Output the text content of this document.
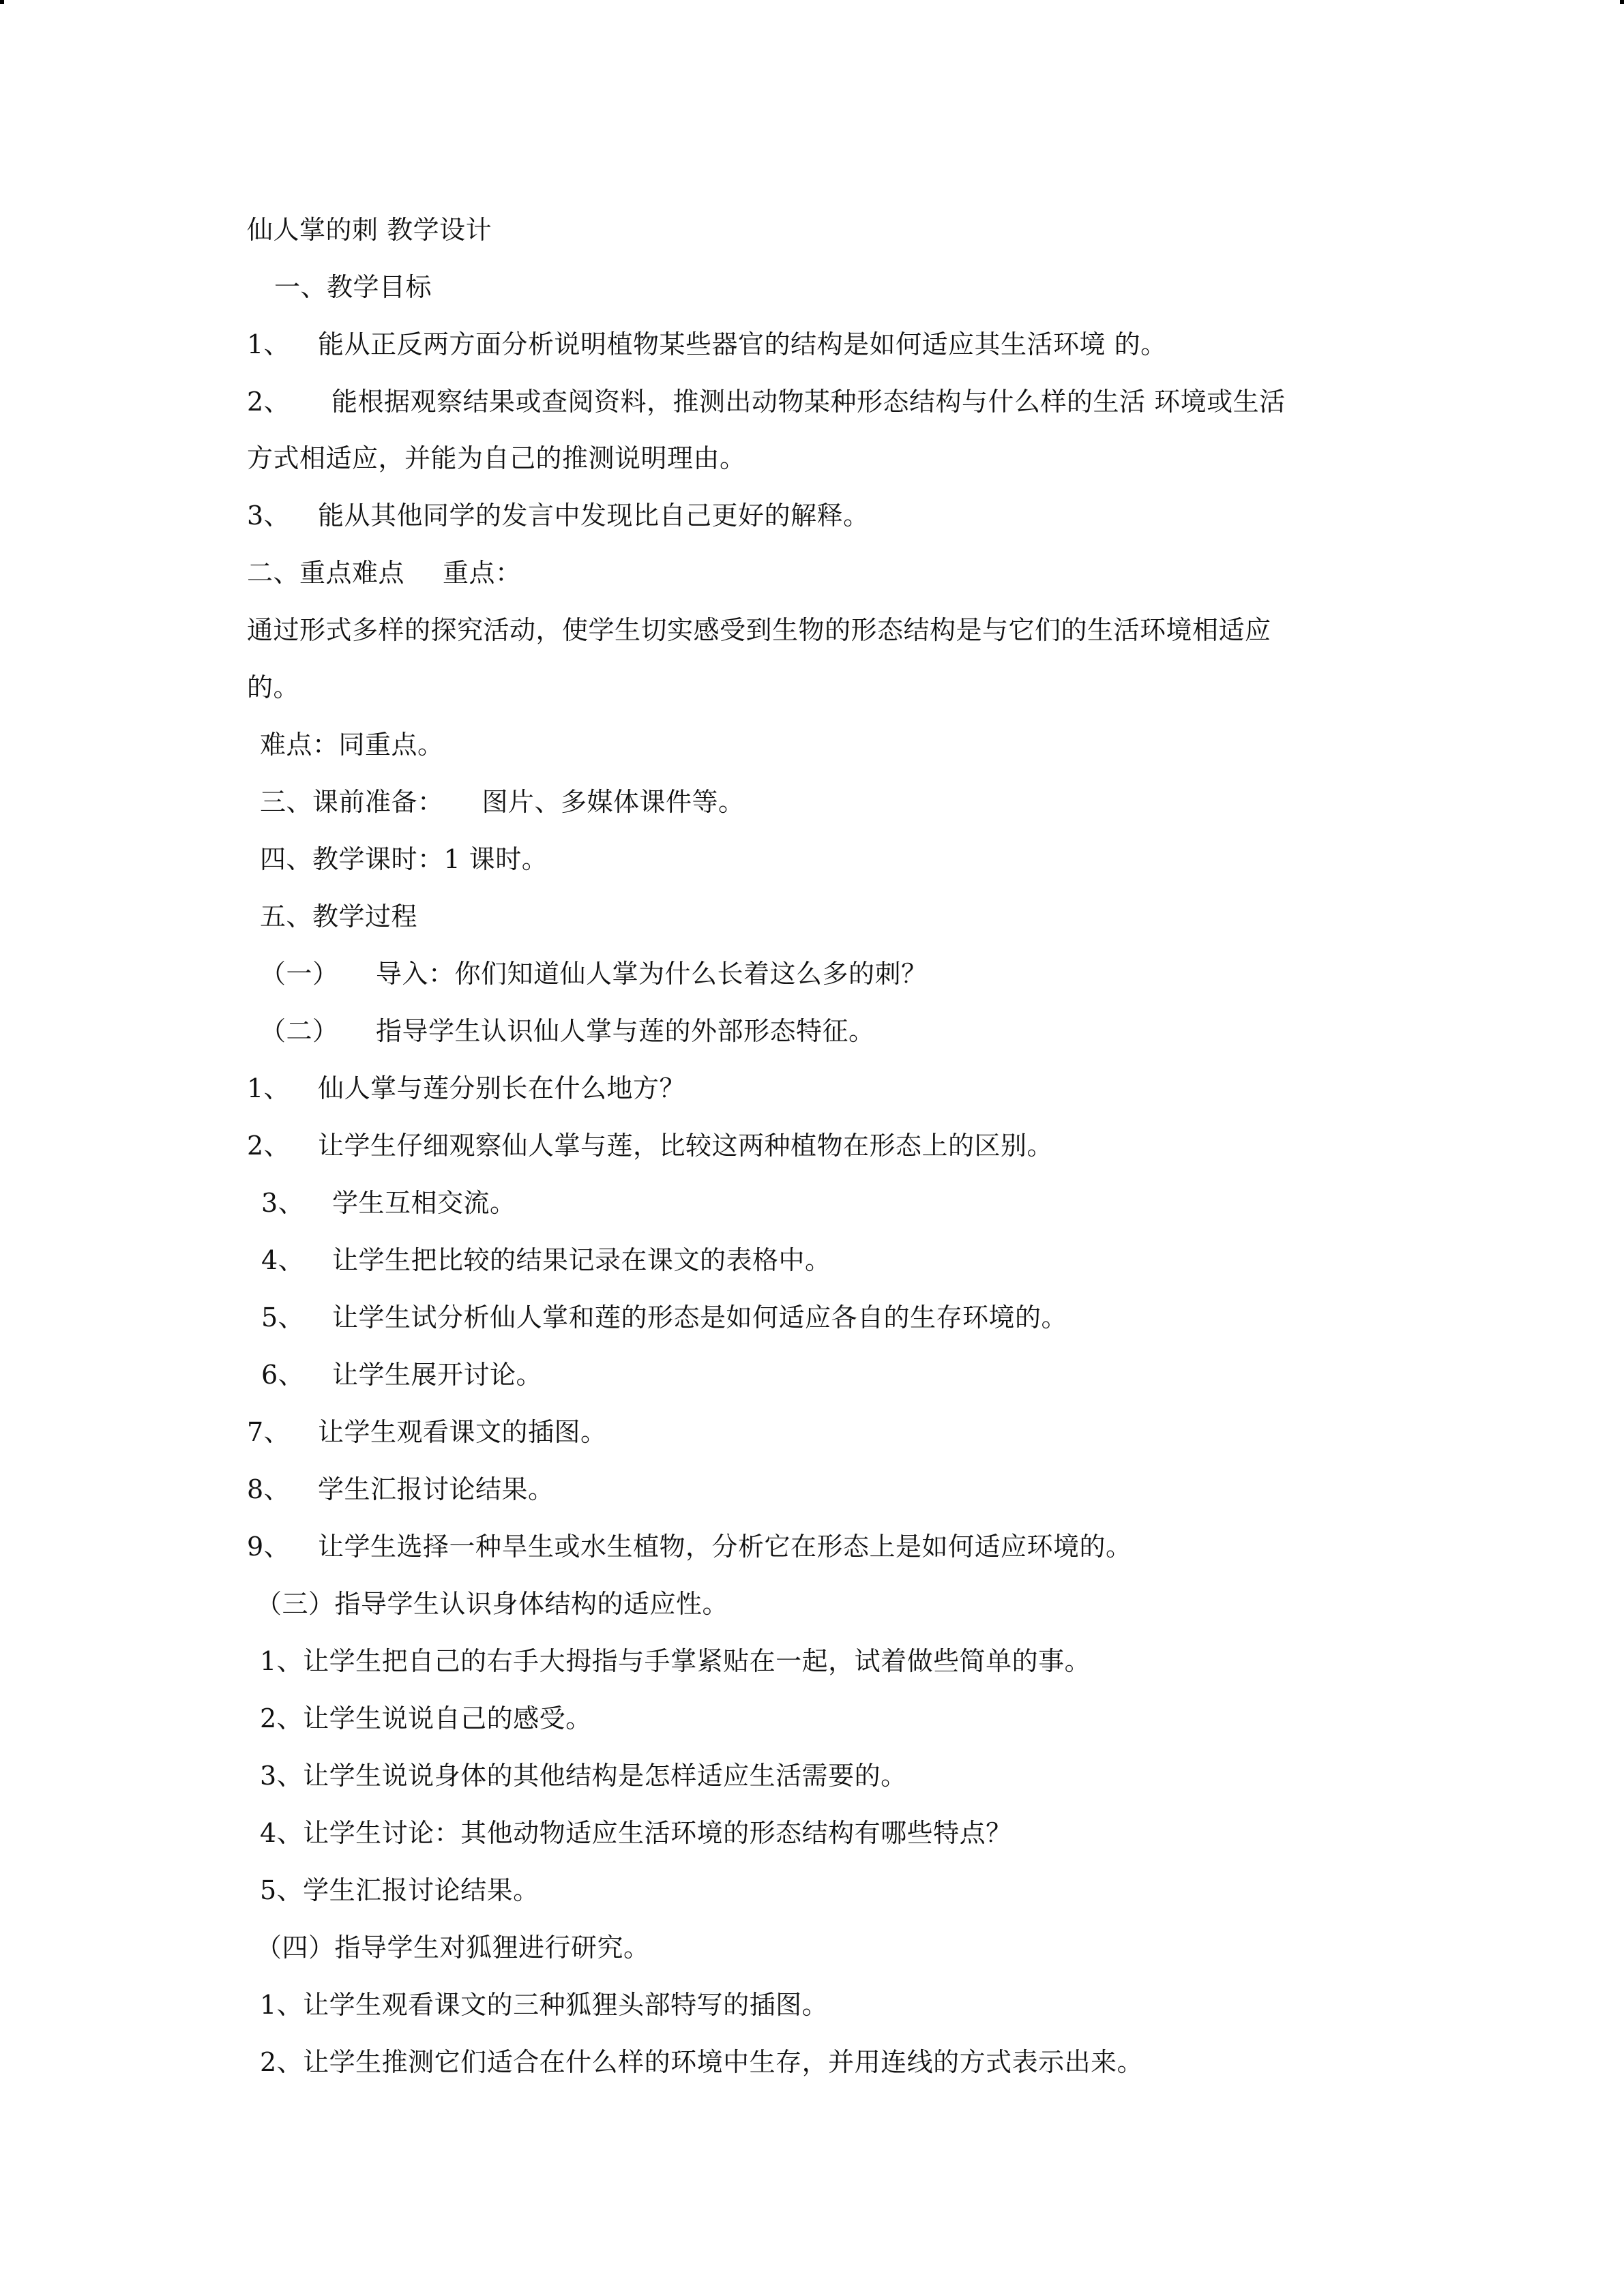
仙人掌的刺 教学设计
一、教学目标
1、 能从正反两方面分析说明植物某些器官的结构是如何适应其生活环境 的。
2、 能根据观察结果或查阅资料，推测出动物某种形态结构与什么样的生活 环境或生活
方式相适应，并能为自己的推测说明理由。
3、 能从其他同学的发言中发现比自己更好的解释。
二、重点难点 重点：
通过形式多样的探究活动，使学生切实感受到生物的形态结构是与它们的生活环境相适应
的。
难点：同重点。
三、课前准备： 图片、多媒体课件等。
四、教学课时：1 课时。
五、教学过程
（一） 导入：你们知道仙人掌为什么长着这么多的刺？
（二） 指导学生认识仙人掌与莲的外部形态特征。
1、 仙人掌与莲分别长在什么地方？
2、 让学生仔细观察仙人掌与莲，比较这两种植物在形态上的区别。
3、 学生互相交流。
4、 让学生把比较的结果记录在课文的表格中。
5、 让学生试分析仙人掌和莲的形态是如何适应各自的生存环境的。
6、 让学生展开讨论。
7、 让学生观看课文的插图。
8、 学生汇报讨论结果。
9、 让学生选择一种旱生或水生植物，分析它在形态上是如何适应环境的。
（三）指导学生认识身体结构的适应性。
1、让学生把自己的右手大拇指与手掌紧贴在一起，试着做些简单的事。
2、让学生说说自己的感受。
3、让学生说说身体的其他结构是怎样适应生活需要的。
4、让学生讨论：其他动物适应生活环境的形态结构有哪些特点？
5、学生汇报讨论结果。
（四）指导学生对狐狸进行研究。
1、让学生观看课文的三种狐狸头部特写的插图。
2、让学生推测它们适合在什么样的环境中生存，并用连线的方式表示出来。
